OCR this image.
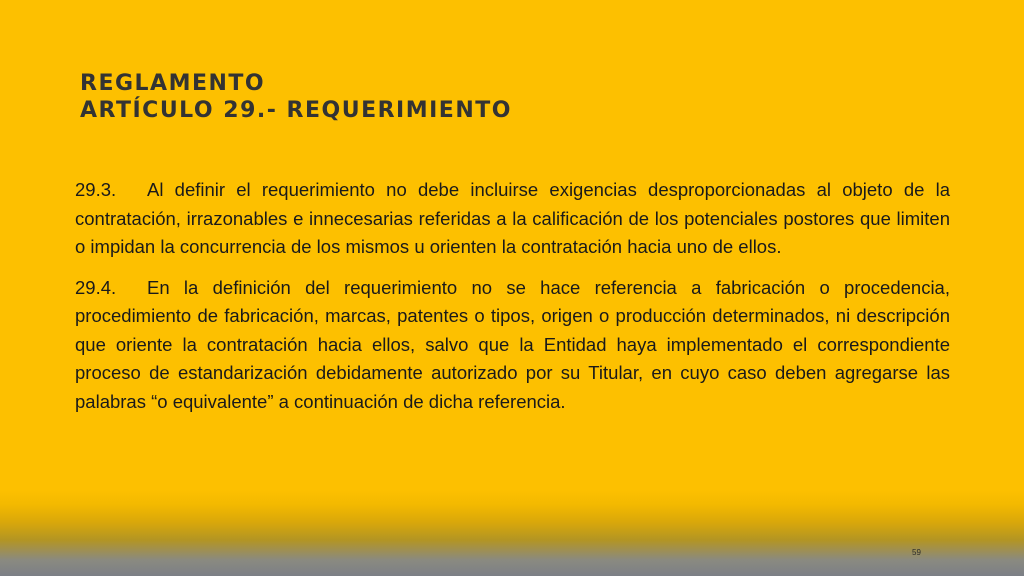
REGLAMENTO
ARTÍCULO 29.- REQUERIMIENTO

29.3. Al definir el requerimiento no debe incluirse exigencias desproporcionadas al objeto de la contratación, irrazonables e innecesarias referidas a la calificación de los potenciales postores que limiten o impidan la concurrencia de los mismos u orienten la contratación hacia uno de ellos.

29.4. En la definición del requerimiento no se hace referencia a fabricación o procedencia, procedimiento de fabricación, marcas, patentes o tipos, origen o producción determinados, ni descripción que oriente la contratación hacia ellos, salvo que la Entidad haya implementado el correspondiente proceso de estandarización debidamente autorizado por su Titular, en cuyo caso deben agregarse las palabras “o equivalente” a continuación de dicha referencia.

59
